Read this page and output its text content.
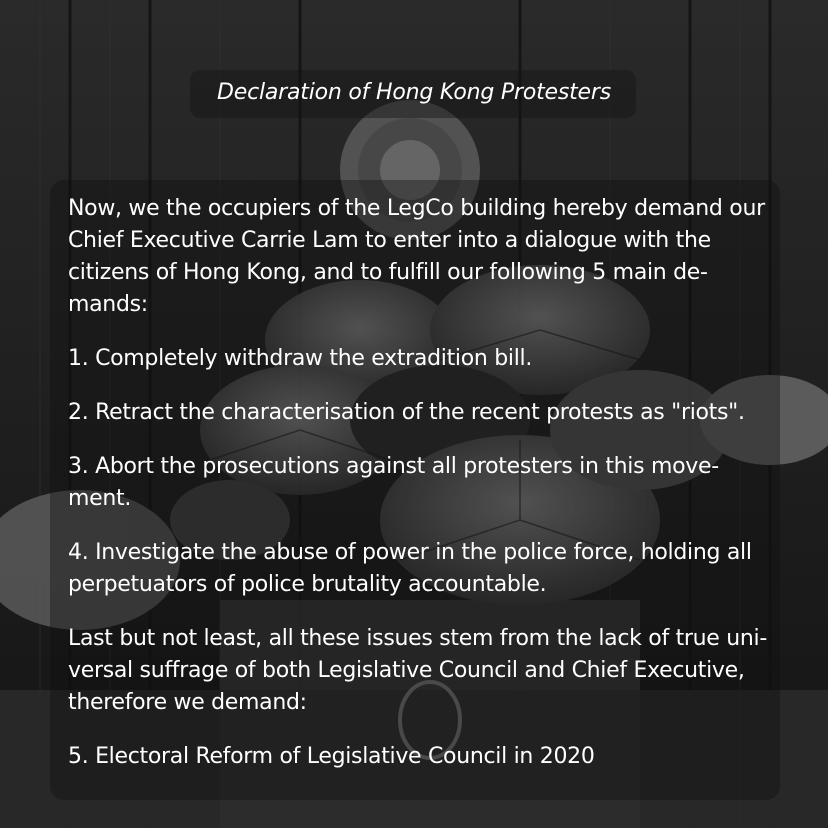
Declaration of Hong Kong Protesters

Now, we the occupiers of the LegCo building hereby demand our Chief Executive Carrie Lam to enter into a dialogue with the citizens of Hong Kong, and to fulfill our following 5 main de-mands:

1. Completely withdraw the extradition bill.

2. Retract the characterisation of the recent protests as "riots".

3. Abort the prosecutions against all protesters in this move-ment.

4. Investigate the abuse of power in the police force, holding all perpetuators of police brutality accountable.

Last but not least, all these issues stem from the lack of true uni-versal suffrage of both Legislative Council and Chief Executive, therefore we demand:

5. Electoral Reform of Legislative Council in 2020
